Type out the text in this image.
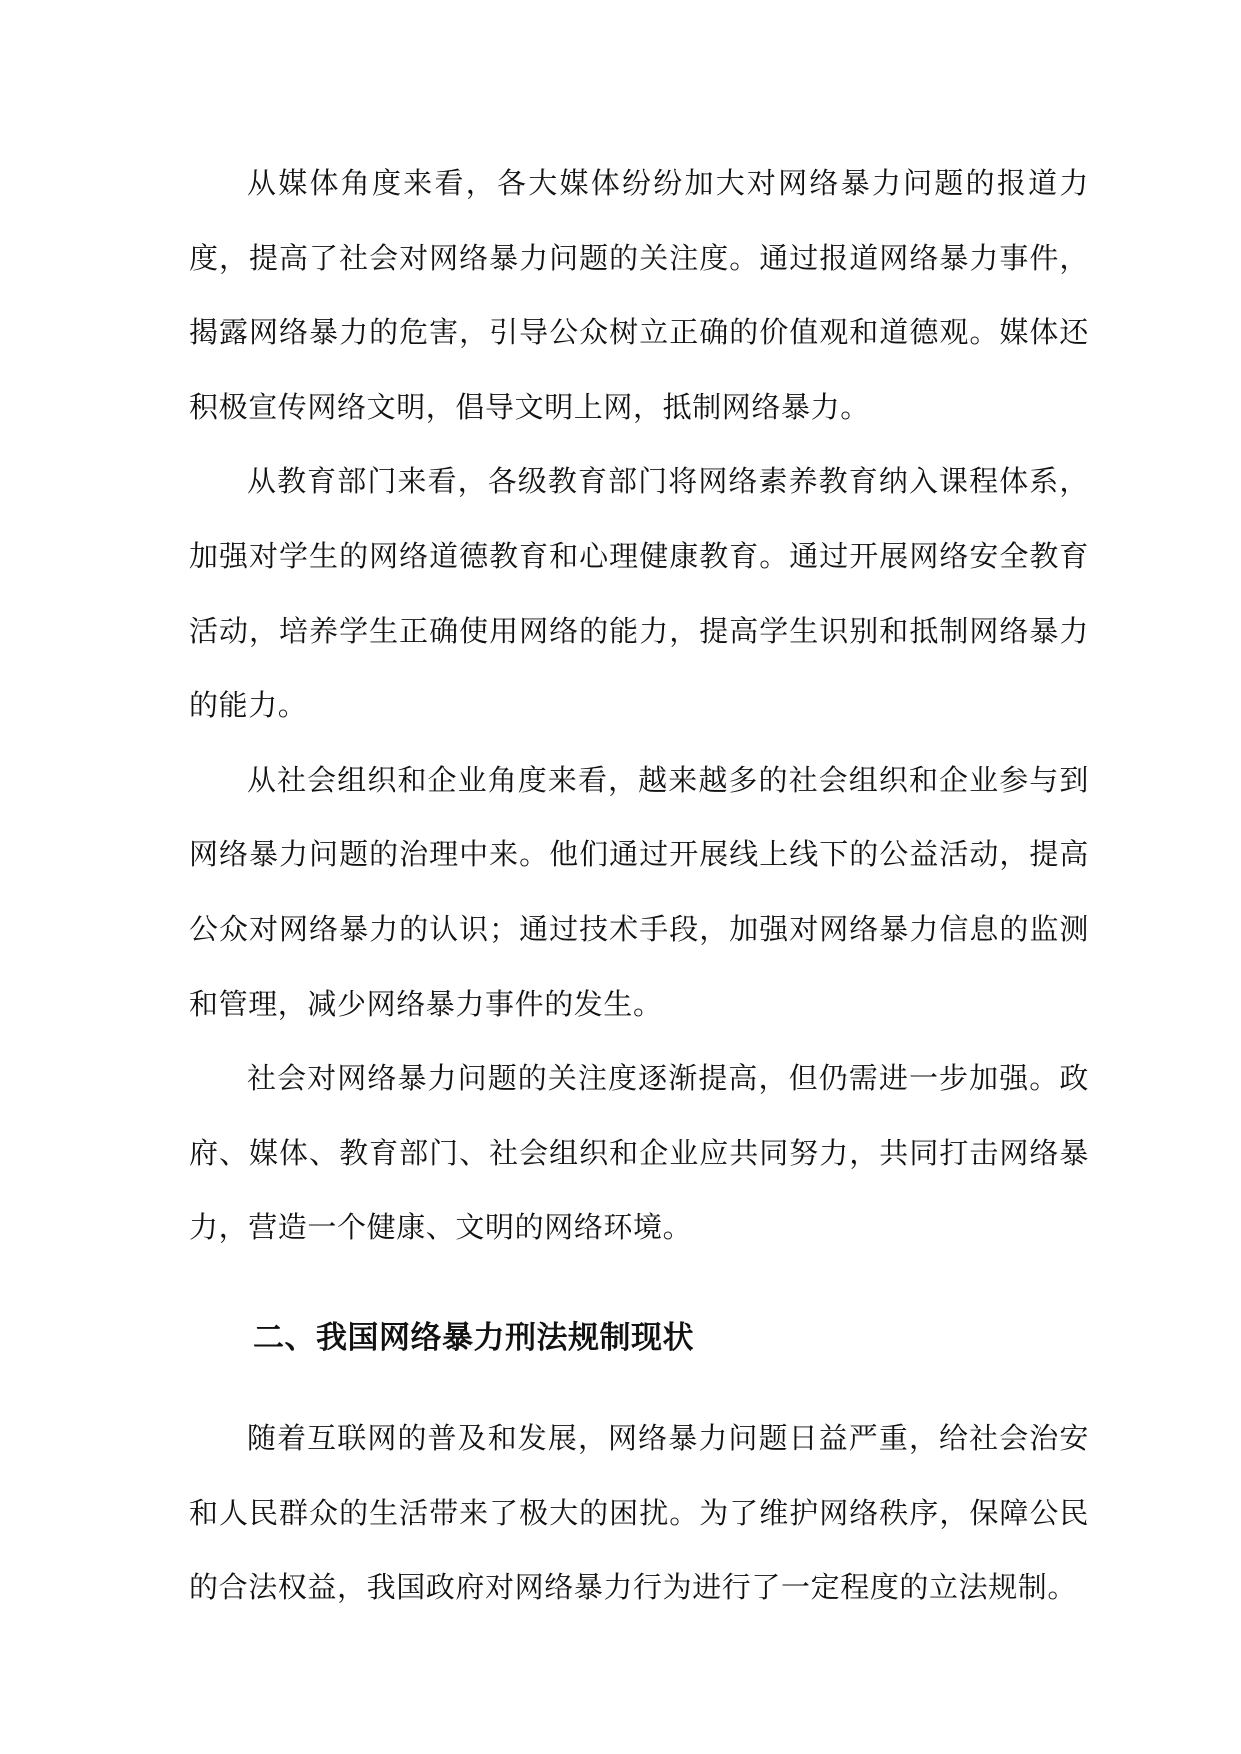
从媒体角度来看，各大媒体纷纷加大对网络暴力问题的报道力度，提高了社会对网络暴力问题的关注度。通过报道网络暴力事件，揭露网络暴力的危害，引导公众树立正确的价值观和道德观。媒体还积极宣传网络文明，倡导文明上网，抵制网络暴力。

从教育部门来看，各级教育部门将网络素养教育纳入课程体系，加强对学生的网络道德教育和心理健康教育。通过开展网络安全教育活动，培养学生正确使用网络的能力，提高学生识别和抵制网络暴力的能力。

从社会组织和企业角度来看，越来越多的社会组织和企业参与到网络暴力问题的治理中来。他们通过开展线上线下的公益活动，提高公众对网络暴力的认识；通过技术手段，加强对网络暴力信息的监测和管理，减少网络暴力事件的发生。

社会对网络暴力问题的关注度逐渐提高，但仍需进一步加强。政府、媒体、教育部门、社会组织和企业应共同努力，共同打击网络暴力，营造一个健康、文明的网络环境。

二、我国网络暴力刑法规制现状

随着互联网的普及和发展，网络暴力问题日益严重，给社会治安和人民群众的生活带来了极大的困扰。为了维护网络秩序，保障公民的合法权益，我国政府对网络暴力行为进行了一定程度的立法规制。
